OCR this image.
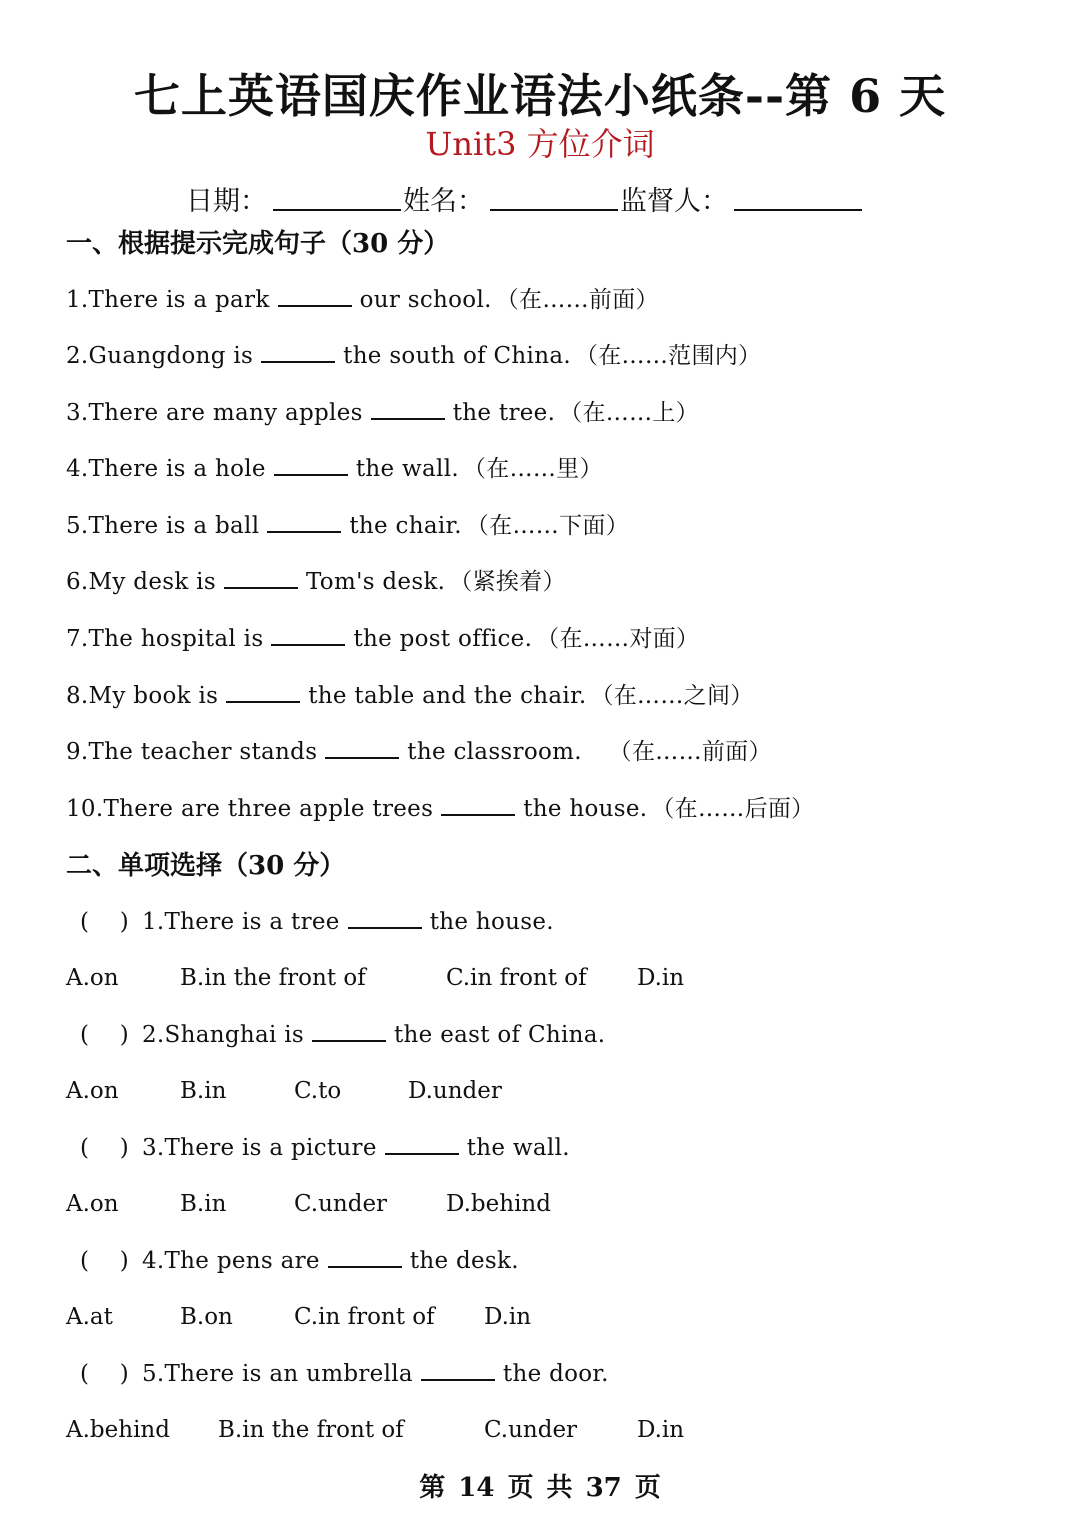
七上英语国庆作业语法小纸条--第 6 天
Unit3 方位介词
日期：	姓名：	监督人：
一、根据提示完成句子（30 分）
1.There is a park	our school. （在……前面）
2.Guangdong is	the south of China. （在……范围内）
3.There are many apples	the tree. （在……上）
4.There is a hole	the wall. （在……里）
5.There is a ball	the chair. （在……下面）
6.My desk is	Tom's desk. （紧挨着）
7.The hospital is	the post office. （在……对面）
8.My book is	the table and the chair. （在……之间）
9.The teacher stands	the classroom.   （在……前面）
10.There are three apple trees	the house. （在……后面）
二、单项选择（30 分）
(    ) 1.There is a tree	the house.
A.on	B.in the front of	C.in front of D.in
(    ) 2.Shanghai is	the east of China.
A.on	B.in	C.to	D.under
(    ) 3.There is a picture	the wall.
A.on	B.in	C.under	D.behind
(    ) 4.The pens are	the desk.
A.at	B.on	C.in front of D.in
(    ) 5.There is an umbrella	the door.
A.behind B.in the front of	C.under	D.in
第 14 页 共 37 页
